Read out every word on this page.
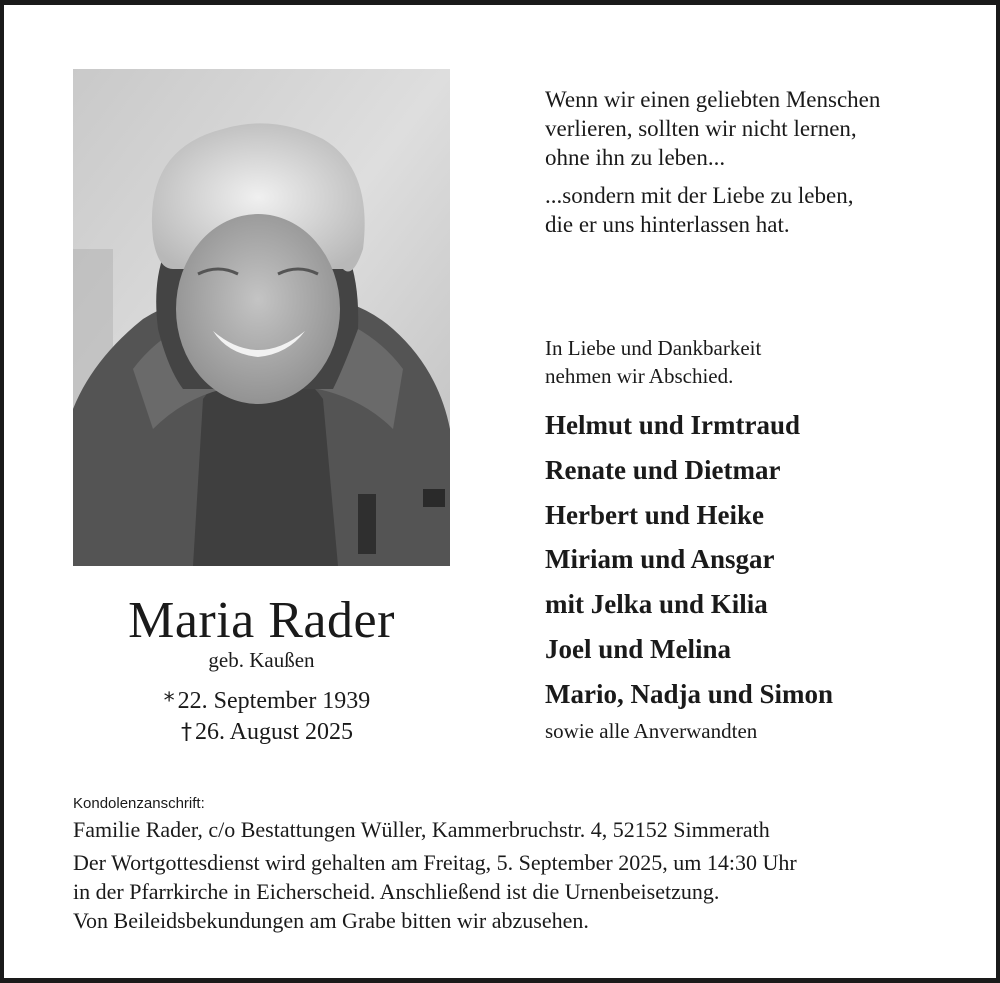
Maria Rader
geb. Kaußen
* 22. September 1939
† 26. August 2025

Wenn wir einen geliebten Menschen
verlieren, sollten wir nicht lernen,
ohne ihn zu leben...

...sondern mit der Liebe zu leben,
die er uns hinterlassen hat.

In Liebe und Dankbarkeit
nehmen wir Abschied.
Helmut und Irmtraud
Renate und Dietmar
Herbert und Heike
Miriam und Ansgar
mit Jelka und Kilia
Joel und Melina
Mario, Nadja und Simon
sowie alle Anverwandten
Kondolenzanschrift:
Familie Rader, c/o Bestattungen Wüller, Kammerbruchstr. 4, 52152 Simmerath
Der Wortgottesdienst wird gehalten am Freitag, 5. September 2025, um 14:30 Uhr
in der Pfarrkirche in Eicherscheid. Anschließend ist die Urnenbeisetzung.
Von Beileidsbekundungen am Grabe bitten wir abzusehen.
